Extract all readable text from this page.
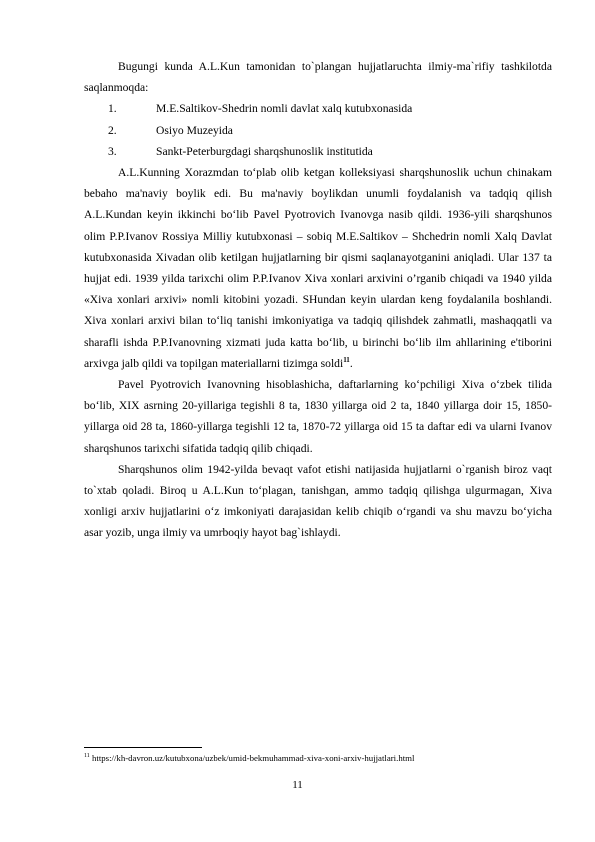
Bugungi kunda A.L.Kun tamonidan to`plangan hujjatlaruchta ilmiy-ma`rifiy tashkilotda saqlanmoqda:

1.	M.E.Saltikov-Shedrin nomli davlat xalq kutubxonasida
2.	Osiyo Muzeyida
3.	Sankt-Peterburgdagi sharqshunoslik institutida

A.L.Kunning Xorazmdan to‘plab olib ketgan kolleksiyasi sharqshunoslik uchun chinakam bebaho ma'naviy boylik edi. Bu ma'naviy boylikdan unumli foydalanish va tadqiq qilish A.L.Kundan keyin ikkinchi bo‘lib Pavel Pyotrovich Ivanovga nasib qildi. 1936-yili sharqshunos olim P.P.Ivanov Rossiya Milliy kutubxonasi – sobiq M.E.Saltikov – Shchedrin nomli Xalq Davlat kutubxonasida Xivadan olib ketilgan hujjatlarning bir qismi saqlanayotganini aniqladi. Ular 137 ta hujjat edi. 1939 yilda tarixchi olim P.P.Ivanov Xiva xonlari arxivini o’rganib chiqadi va 1940 yilda «Xiva xonlari arxivi» nomli kitobini yozadi. SHundan keyin ulardan keng foydalanila boshlandi. Xiva xonlari arxivi bilan to‘liq tanishi imkoniyatiga va tadqiq qilishdek zahmatli, mashaqqatli va sharafli ishda P.P.Ivanovning xizmati juda katta bo‘lib, u birinchi bo‘lib ilm ahllarining e'tiborini arxivga jalb qildi va topilgan materiallarni tizimga soldi$^{11}$.

Pavel Pyotrovich Ivanovning hisoblashicha, daftarlarning ko‘pchiligi Xiva o‘zbek tilida bo‘lib, XIX asrning 20-yillariga tegishli 8 ta, 1830 yillarga oid 2 ta, 1840 yillarga doir 15, 1850-yillarga oid 28 ta, 1860-yillarga tegishli 12 ta, 1870-72 yillarga oid 15 ta daftar edi va ularni Ivanov sharqshunos tarixchi sifatida tadqiq qilib chiqadi.

Sharqshunos olim 1942-yilda bevaqt vafot etishi natijasida hujjatlarni o`rganish biroz vaqt to`xtab qoladi. Biroq u A.L.Kun to‘plagan, tanishgan, ammo tadqiq qilishga ulgurmagan, Xiva xonligi arxiv hujjatlarini o‘z imkoniyati darajasidan kelib chiqib o‘rgandi va shu mavzu bo‘yicha asar yozib, unga ilmiy va umrboqiy hayot bag`ishlaydi.

$^{11}$ https://kh-davron.uz/kutubxona/uzbek/umid-bekmuhammad-xiva-xoni-arxiv-hujjatlari.html
11
